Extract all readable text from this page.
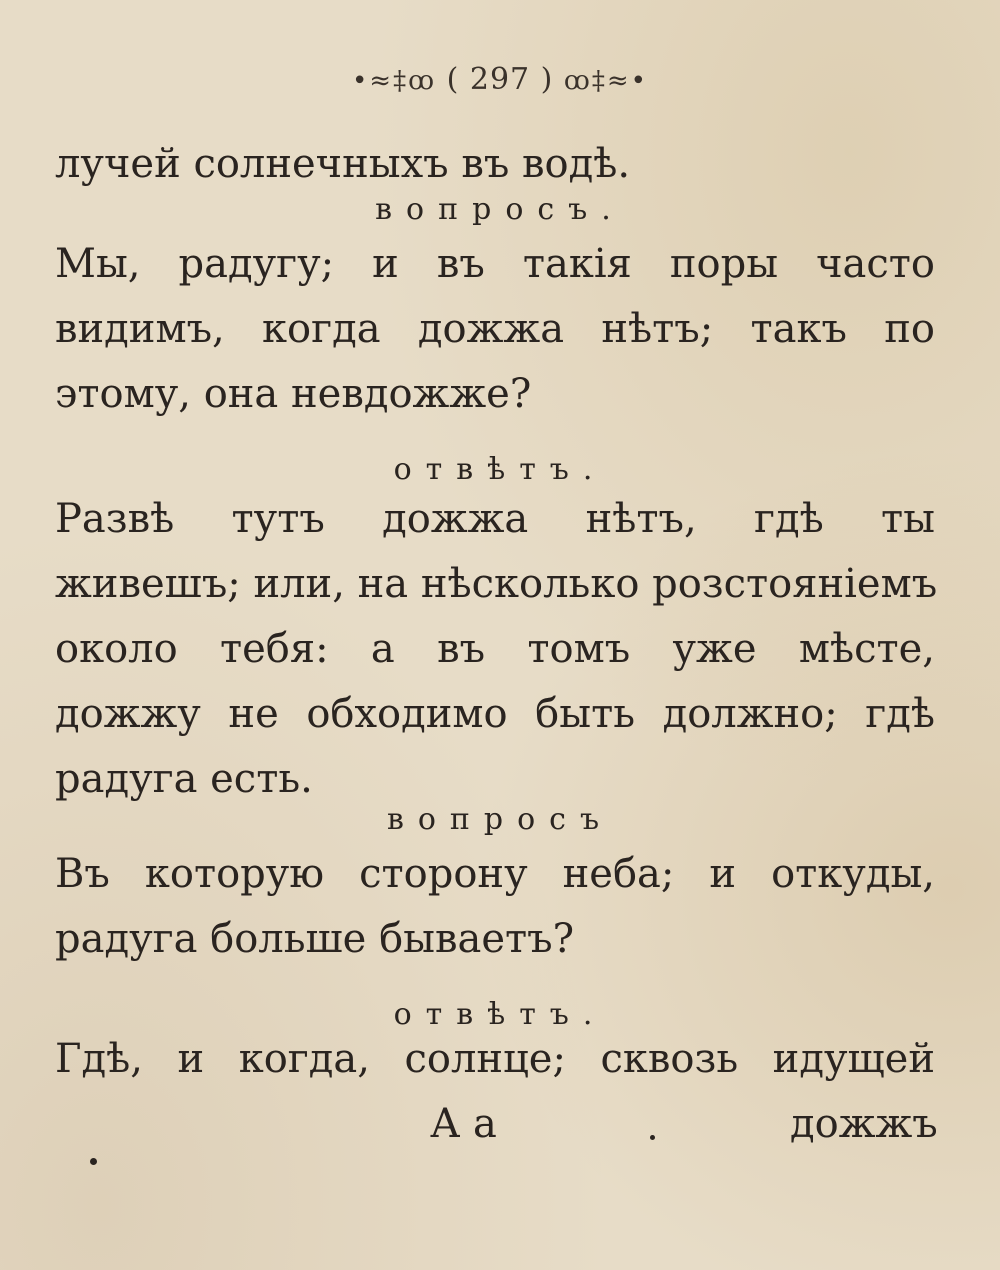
•≈‡ꝏ ( 297 ) ꝏ‡≈•
лучей солнечныхъ въ водѣ.
вопросъ.
Мы, радугу; и въ такія поры часто
видимъ, когда дожжа нѣтъ; такъ по
этому, она невдожже?
отвѣтъ.
Развѣ тутъ дожжа нѣтъ, гдѣ ты
живешъ; или, на нѣсколько розстояніемъ
около тебя: а въ томъ уже мѣсте,
дожжу не обходимо быть должно; гдѣ
радуга есть.
вопросъ
Въ которую сторону неба; и откуды,
радуга больше бываетъ?
отвѣтъ.
Гдѣ, и когда, солнце; сквозь идущей
А а	дожжъ
